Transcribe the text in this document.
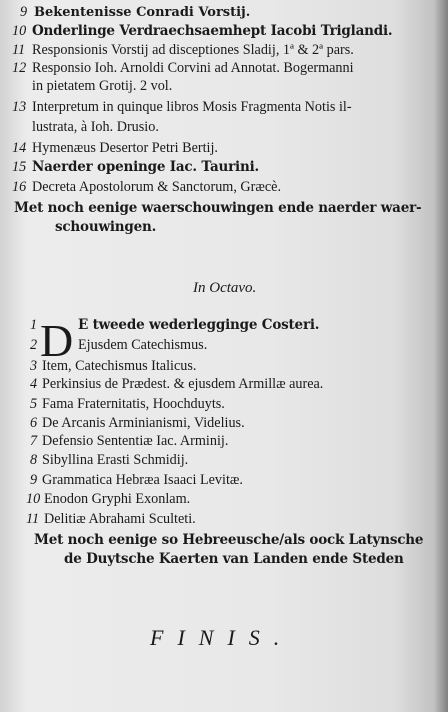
9 Bekentenisse Conradi Vorstij.
10 Onderlinge Verdraechsaemhept Iacobi Triglandi.
11 Responsionis Vorstij ad disceptiones Sladij, 1ª & 2ª pars.
12 Responsio Ioh. Arnoldi Corvini ad Annotat. Bogermanni
in pietatem Grotij. 2 vol.
13 Interpretum in quinque libros Mosis Fragmenta Notis il-
lustrata, à Ioh. Drusio.
14 Hymenæus Desertor Petri Bertij.
15 Naerder openinge Iac. Taurini.
16 Decreta Apostolorum & Sanctorum, Græcè.
Met noch eenige waerschouwingen ende naerder waer-
schouwingen.
In Octavo.
D
1	E tweede wederlegginge Costeri.
2	Ejusdem Catechismus.
3 Item, Catechismus Italicus.
4 Perkinsius de Prædest. & ejusdem Armillæ aurea.
5 Fama Fraternitatis, Hoochduyts.
6 De Arcanis Arminianismi, Videlius.
7 Defensio Sententiæ Iac. Arminij.
8 Sibyllina Erasti Schmidij.
9 Grammatica Hebræa Isaaci Levitæ.
10 Enodon Gryphi Exonlam.
11 Delitiæ Abrahami Sculteti.
Met noch eenige so Hebreeusche/als oock Latynsche
de Duytsche Kaerten van Landen ende Steden
FINIS.
